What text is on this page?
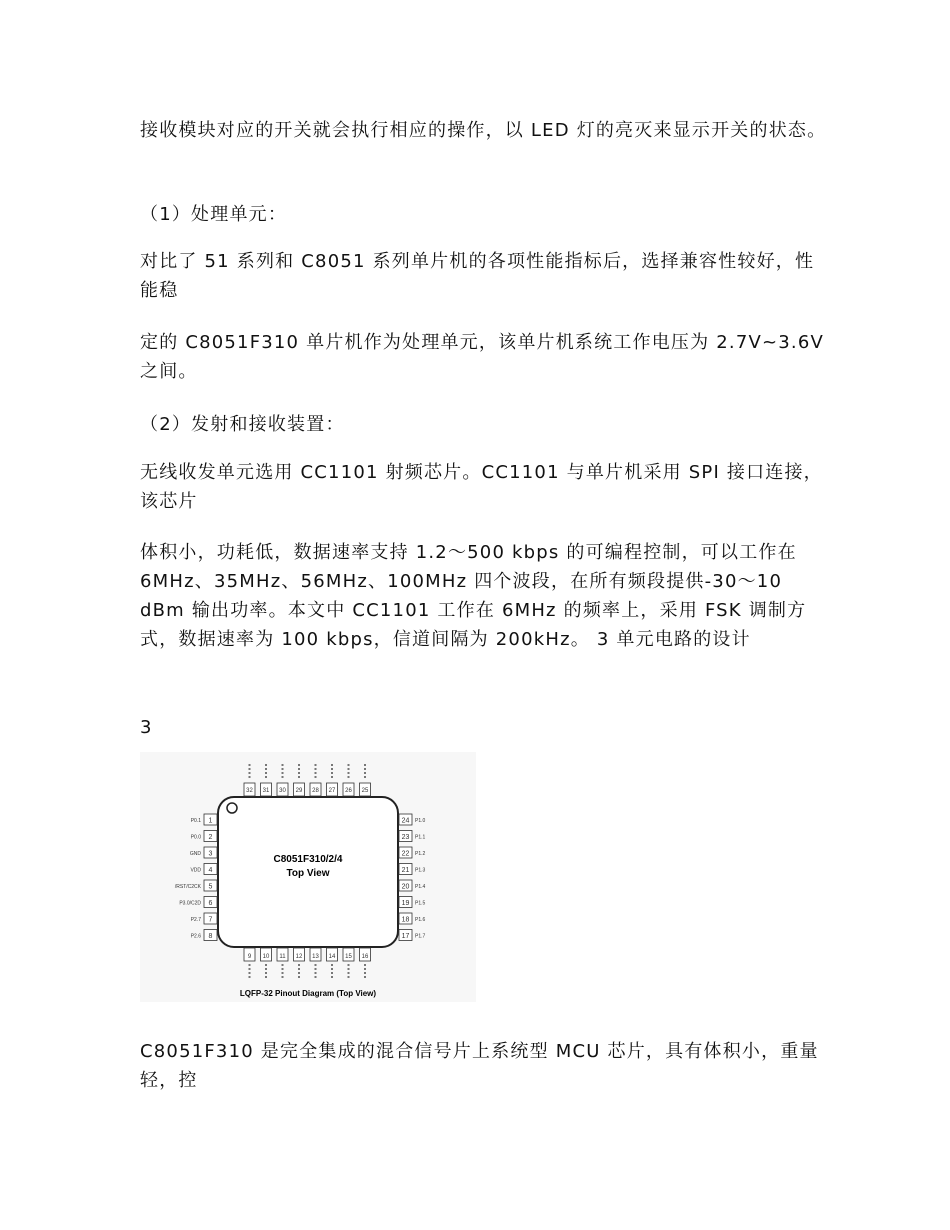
接收模块对应的开关就会执行相应的操作，以 LED 灯的亮灭来显示开关的状态。

（1）处理单元：

对比了 51 系列和 C8051 系列单片机的各项性能指标后，选择兼容性较好，性能稳

定的 C8051F310 单片机作为处理单元，该单片机系统工作电压为 2.7V~3.6V 之间。

（2）发射和接收装置：

无线收发单元选用 CC1101 射频芯片。CC1101 与单片机采用 SPI 接口连接，该芯片

体积小，功耗低，数据速率支持 1.2～500 kbps 的可编程控制，可以工作在 6MHz、35MHz、56MHz、100MHz 四个波段，在所有频段提供-30～10 dBm 输出功率。本文中 CC1101 工作在 6MHz 的频率上，采用 FSK 调制方式，数据速率为 100 kbps，信道间隔为 200kHz。 3 单元电路的设计

3

C8051F310/2/4
Top View
LQFP-32 Pinout Diagram (Top View)
1
P0.1	24 P1.0
2
P0.0	23 P1.1
3
GND	22 P1.2
4
VDD	21 P1.3
5
/RST/C2CK	20 P1.4
6
P3.0/C2D	19 P1.5
7
P2.7	18 P1.6
8
P2.6	17 P1.7
32
9
31
10
30
11
29
12
28
13
27
14
26
15
25
16

C8051F310 是完全集成的混合信号片上系统型 MCU 芯片，具有体积小，重量轻，控
